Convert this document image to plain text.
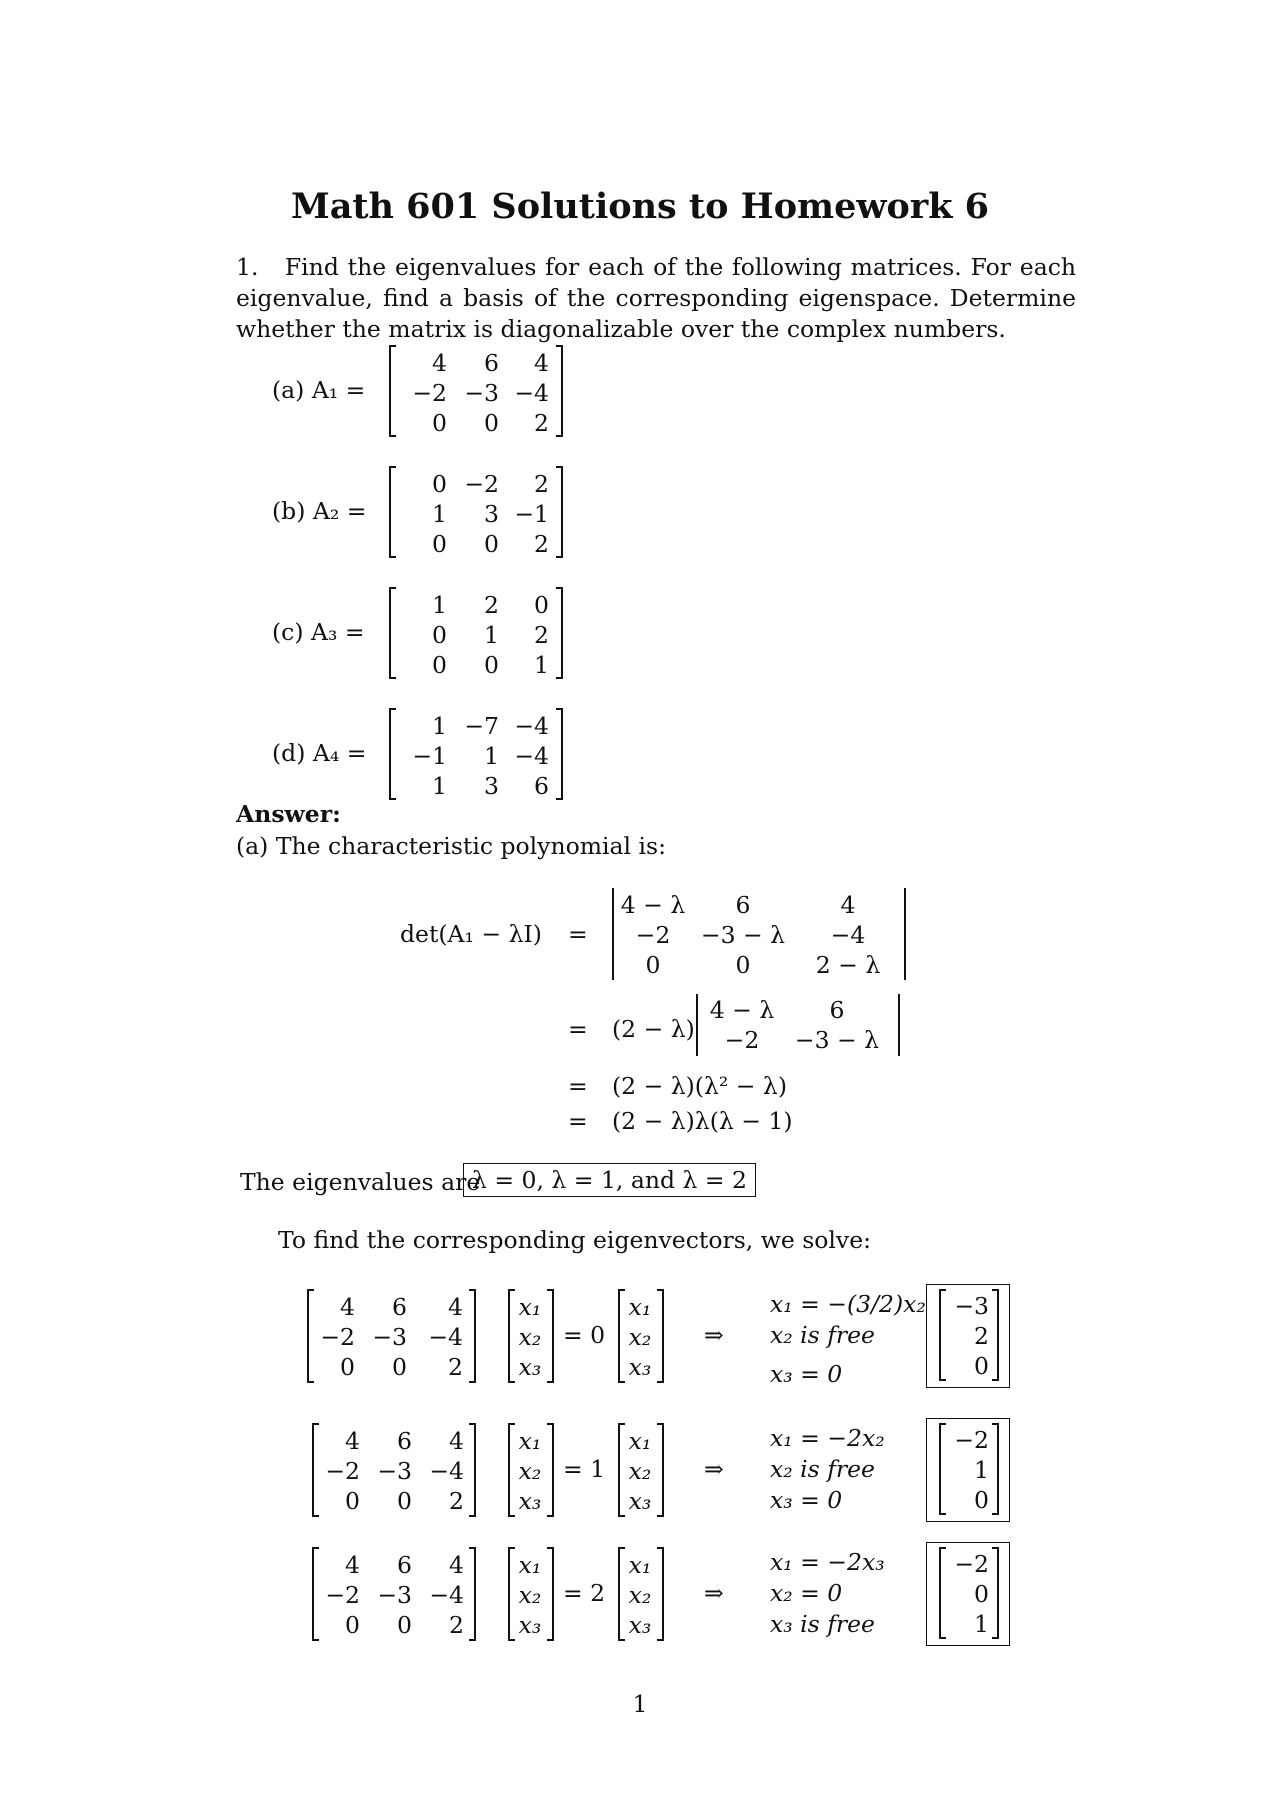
Math 601 Solutions to Homework 6
1. Find the eigenvalues for each of the following matrices. For each eigenvalue, find a basis of the corresponding eigenspace. Determine whether the matrix is diagonalizable over the complex numbers.
(a) A₁ =
4	6	4
−2 −3 −4
0	0	2
(b) A₂ =
0 −2	2
1	3 −1
0	0	2
(c) A₃ =
1	2	0
0	1	2
0	0	1
(d) A₄ =
1 −7 −4
−1	1 −4
1	3	6
Answer:
(a) The characteristic polynomial is:
det(A₁ − λI) =
4 − λ	6	4
−2	−3 − λ	−4
0	0	2 − λ
= (2 − λ)
4 − λ	6
−2	−3 − λ
= (2 − λ)(λ² − λ)
= (2 − λ)λ(λ − 1)
The eigenvalues are
λ = 0, λ = 1, and λ = 2
To find the corresponding eigenvectors, we solve:
4	6	4
−2 −3 −4
0	0	2
x₁
x₂
x₃
= 0
x₁
x₂
x₃
⇒
x₁ = −(3/2)x₂
x₂ is free
x₃ = 0
−3
2
0
4	6	4
−2 −3 −4
0	0	2
x₁
x₂
x₃
= 1
x₁
x₂
x₃
⇒
x₁ = −2x₂
x₂ is free
x₃ = 0
−2
1
0
4	6	4
−2 −3 −4
0	0	2
x₁
x₂
x₃
= 2
x₁
x₂
x₃
⇒
x₁ = −2x₃
x₂ = 0
x₃ is free
−2
0
1
1
